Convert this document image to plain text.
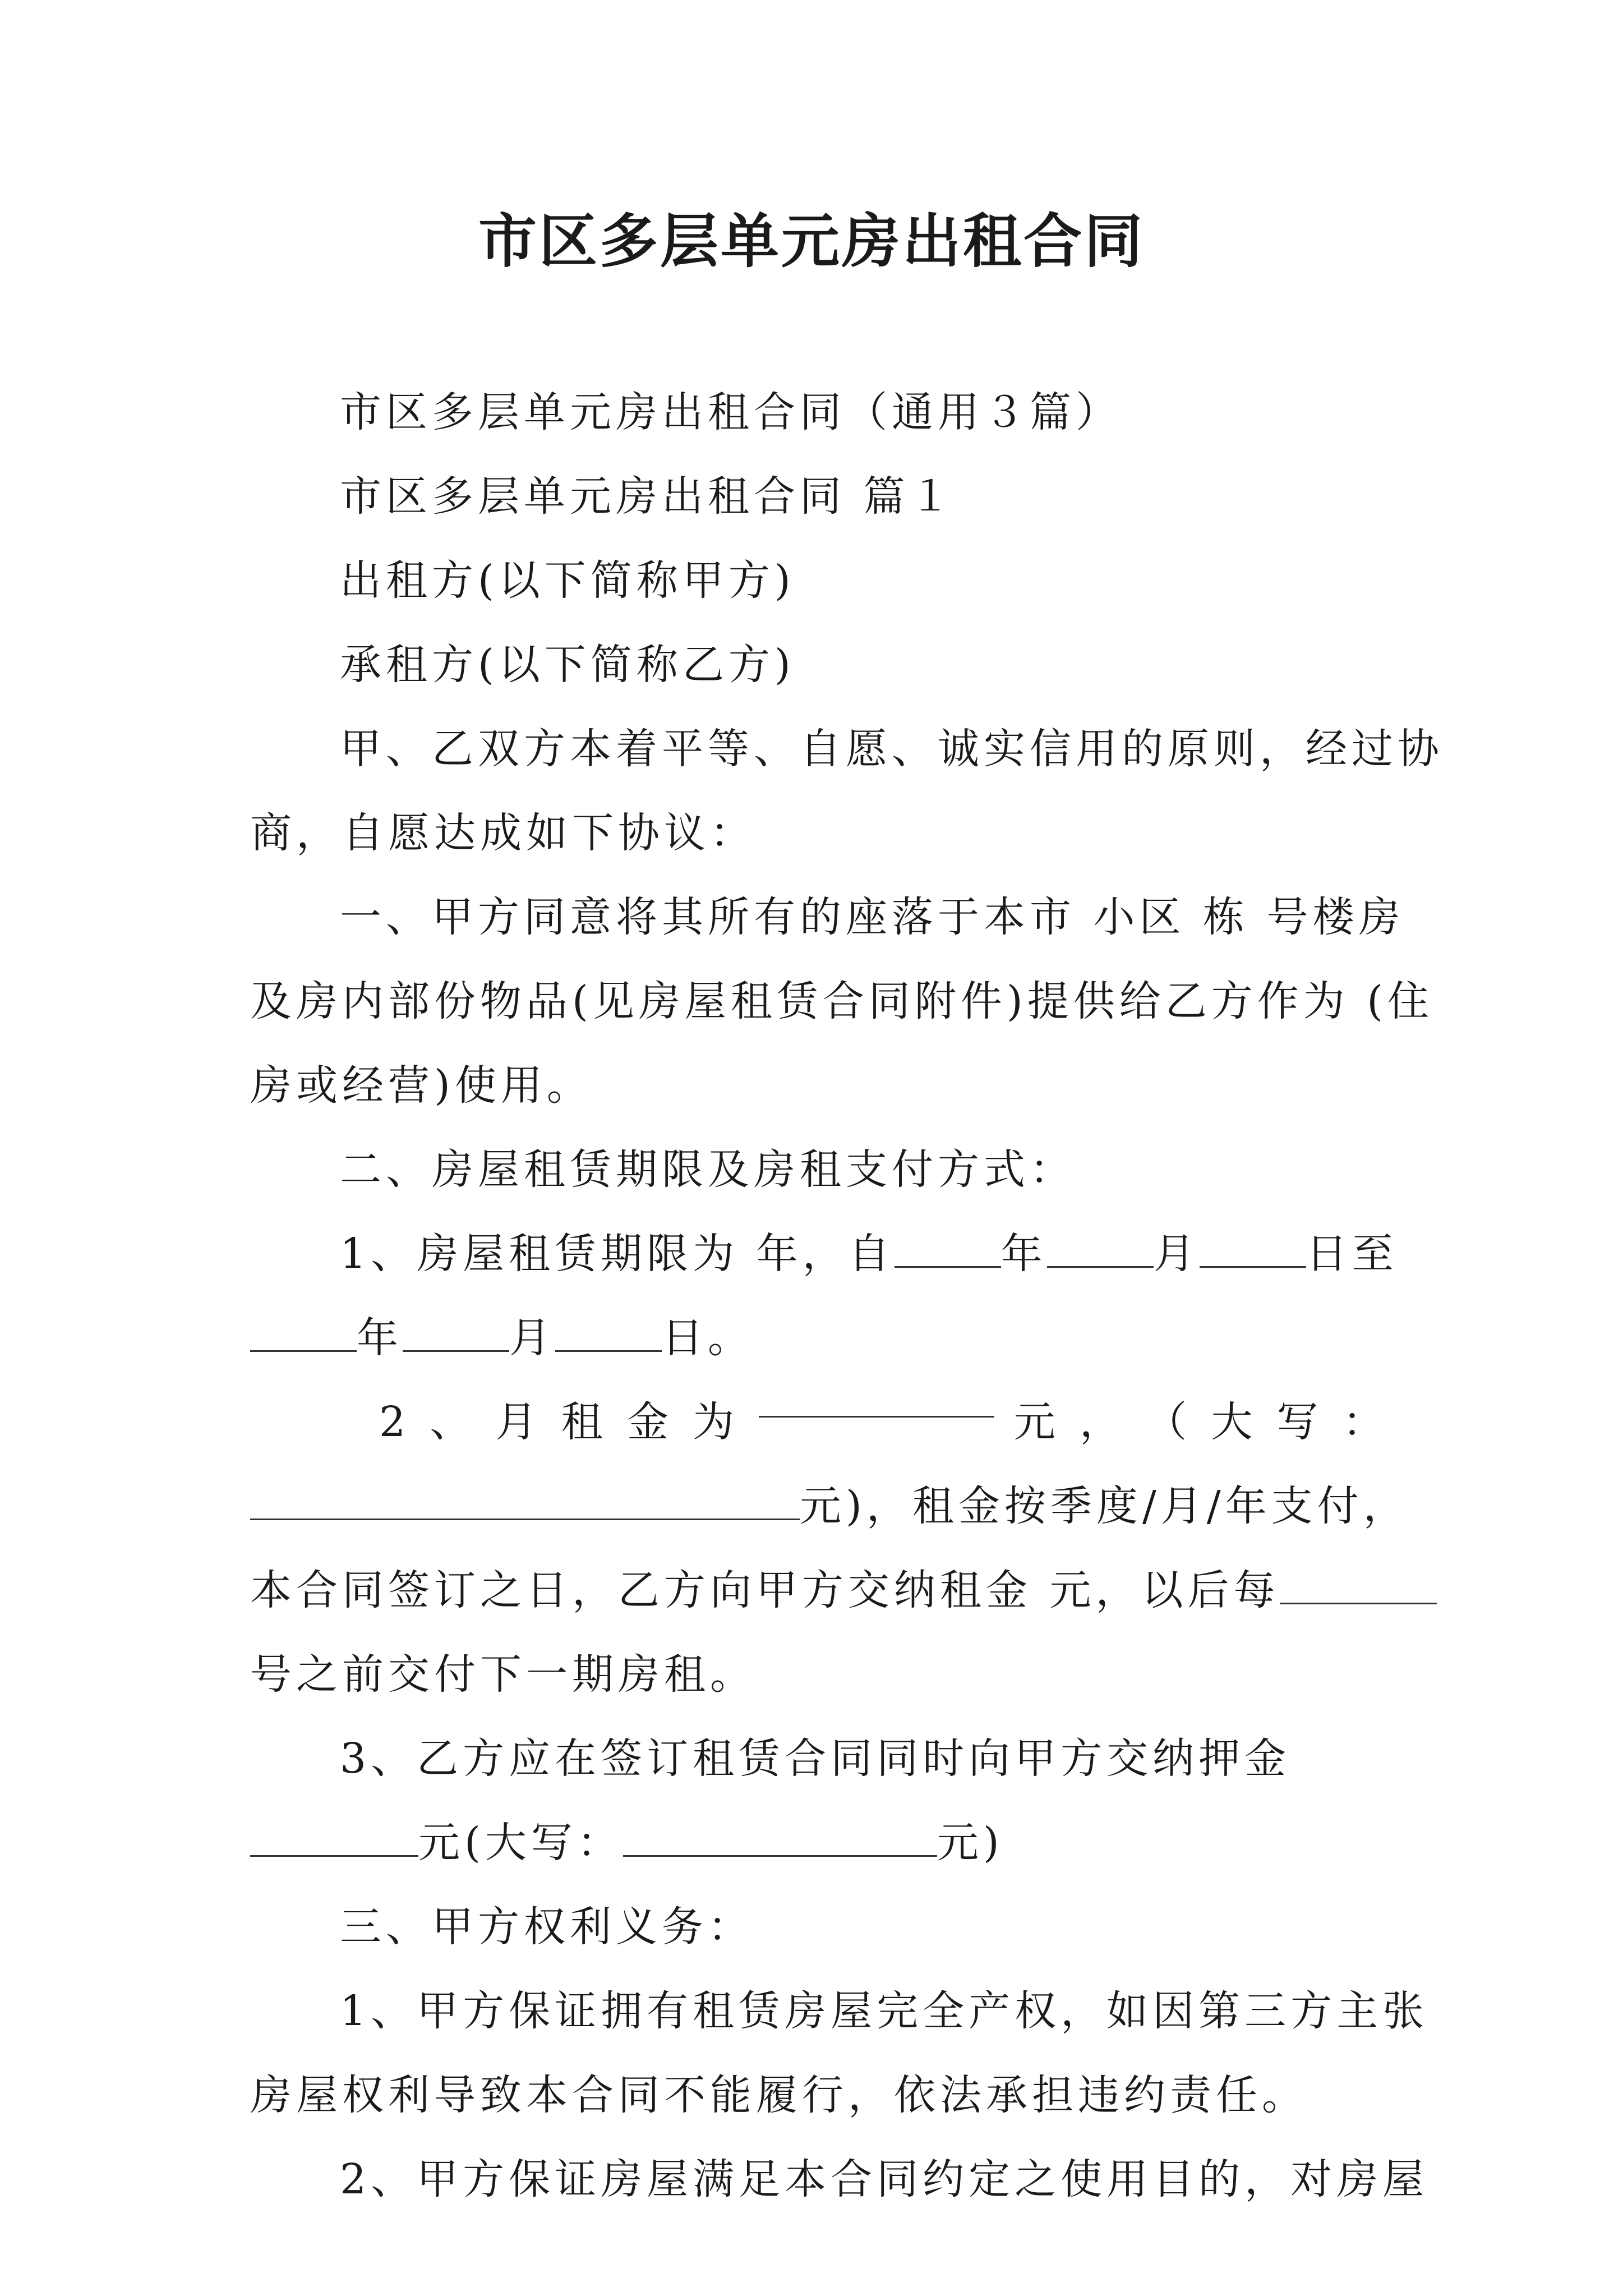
市区多层单元房出租合同

市区多层单元房出租合同（通用３篇）

市区多层单元房出租合同 篇１

出租方(以下简称甲方)

承租方(以下简称乙方)

甲、乙双方本着平等、自愿、诚实信用的原则，经过协

商，自愿达成如下协议：

一、甲方同意将其所有的座落于本市 小区 栋 号楼房

及房内部份物品(见房屋租赁合同附件)提供给乙方作为 (住

房或经营)使用。

二、房屋租赁期限及房租支付方式：

1、房屋租赁期限为 年，自	年	月	日至

年	月	日。

2 、 月 租 金 为	元 ， （ 大 写 ：

元)，租金按季度/月/年支付，

本合同签订之日，乙方向甲方交纳租金 元，以后每

号之前交付下一期房租。

3、乙方应在签订租赁合同同时向甲方交纳押金

元(大写：	元)

三、甲方权利义务：

1、甲方保证拥有租赁房屋完全产权，如因第三方主张

房屋权利导致本合同不能履行，依法承担违约责任。

2、甲方保证房屋满足本合同约定之使用目的，对房屋
